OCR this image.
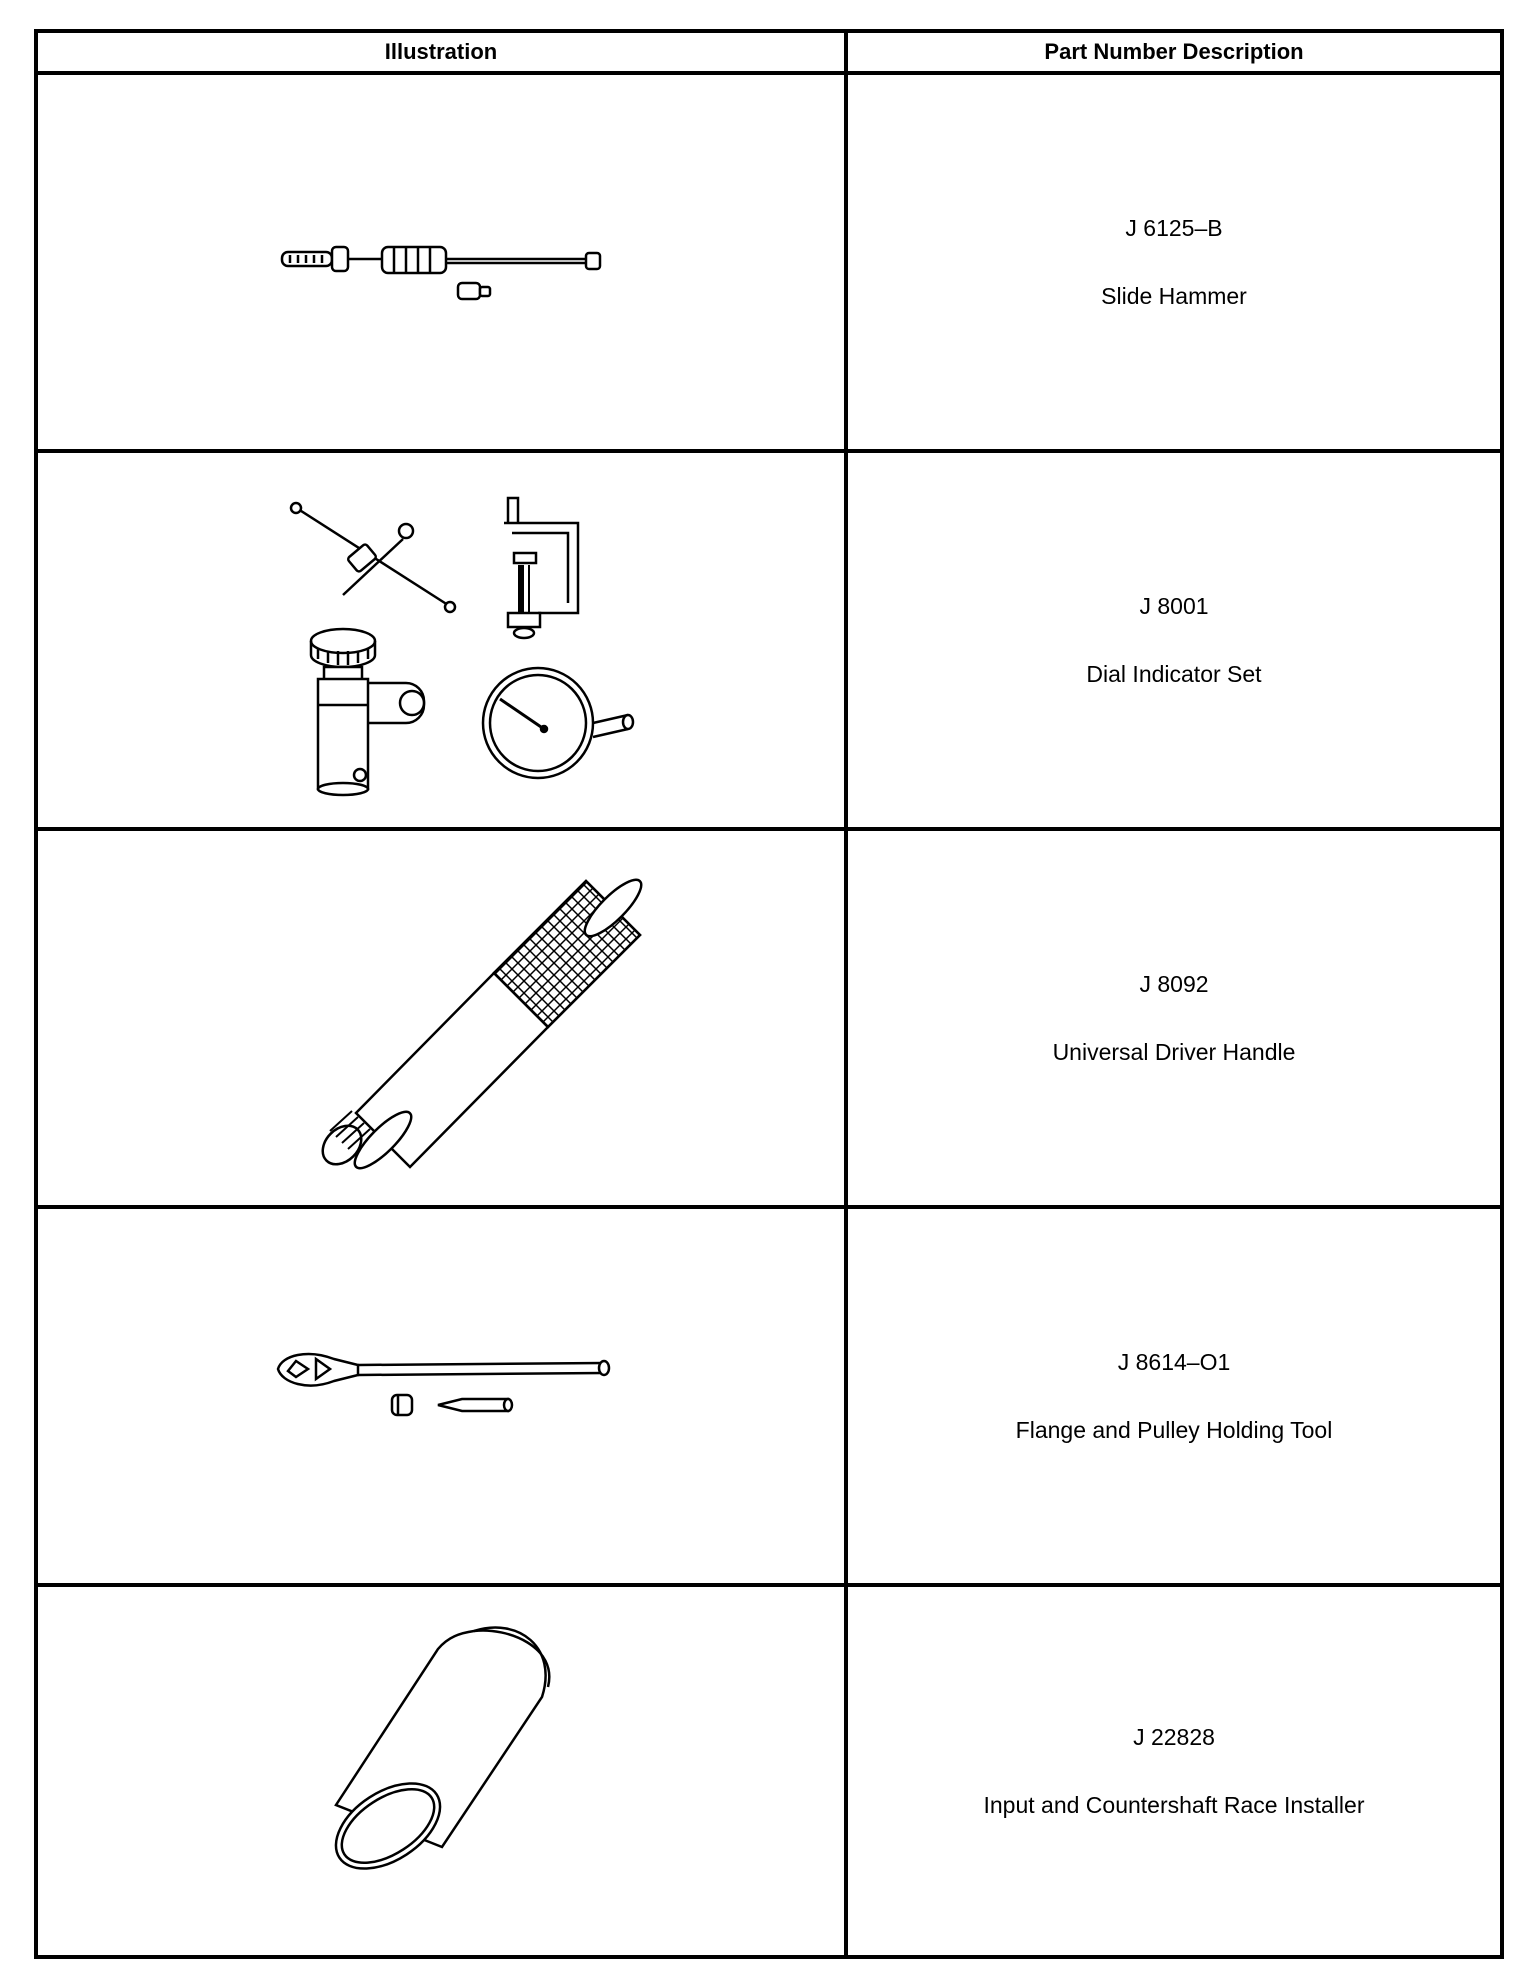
Illustration	Part Number Description
J 6125–B
Slide Hammer
J 8001
Dial Indicator Set
J 8092
Universal Driver Handle
J 8614–O1
Flange and Pulley Holding Tool
J 22828
Input and Countershaft Race Installer
